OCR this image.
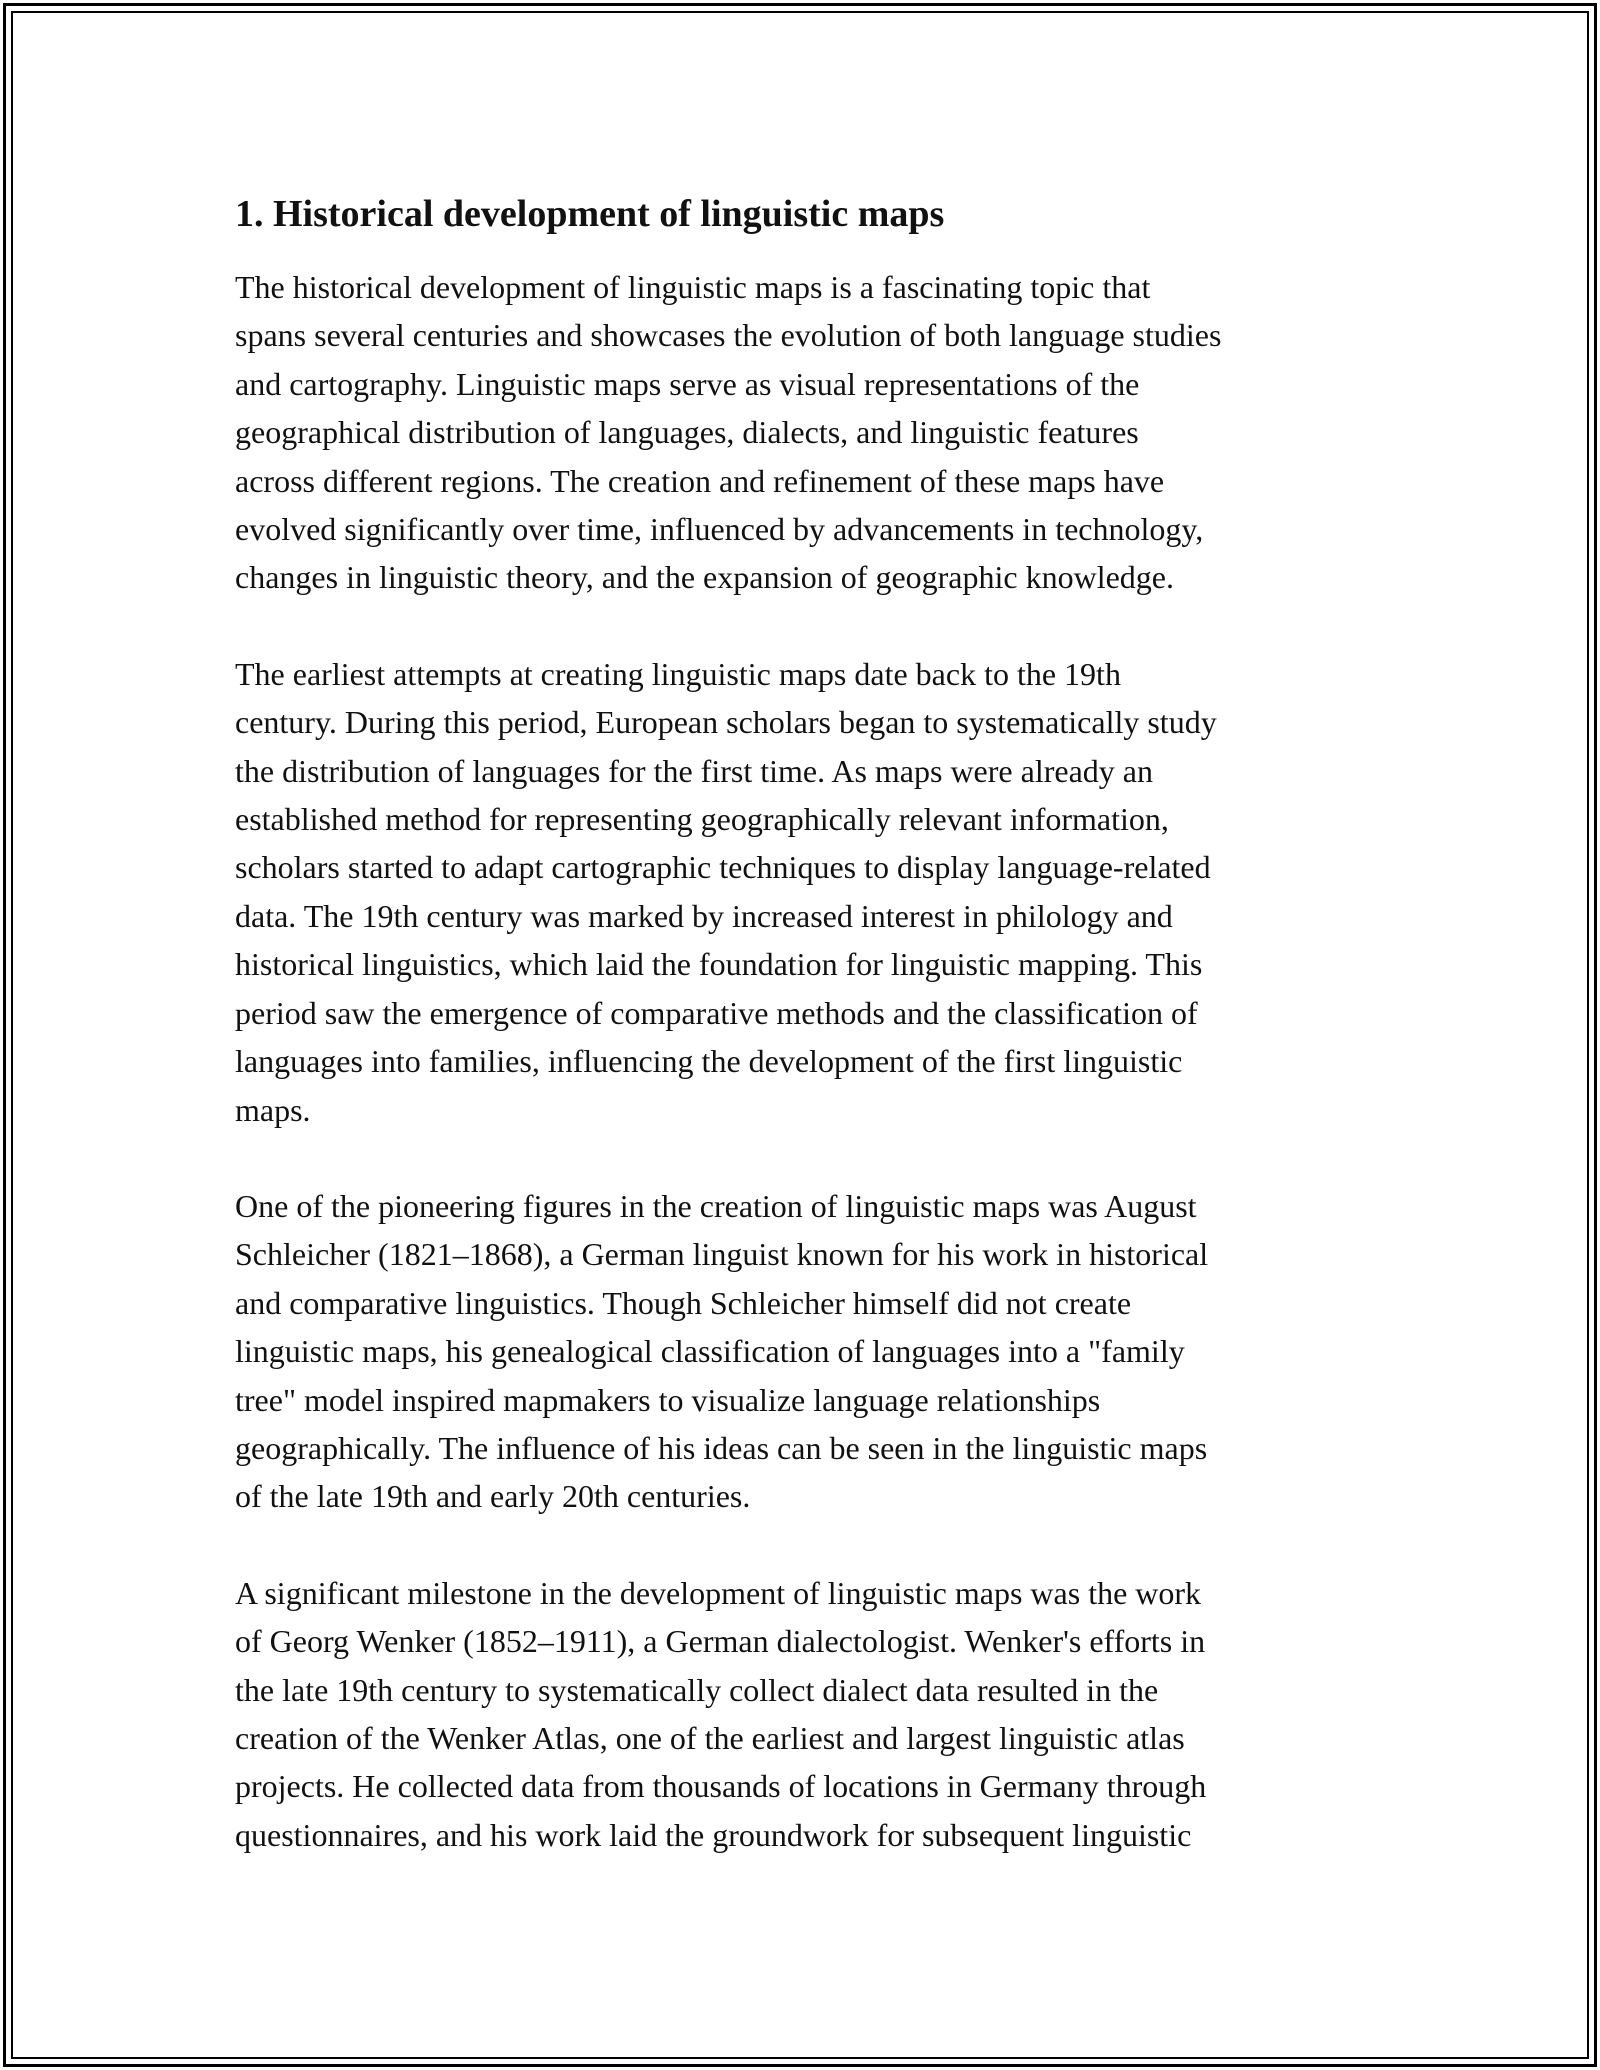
1. Historical development of linguistic maps

The historical development of linguistic maps is a fascinating topic that
spans several centuries and showcases the evolution of both language studies
and cartography. Linguistic maps serve as visual representations of the
geographical distribution of languages, dialects, and linguistic features
across different regions. The creation and refinement of these maps have
evolved significantly over time, influenced by advancements in technology,
changes in linguistic theory, and the expansion of geographic knowledge.

The earliest attempts at creating linguistic maps date back to the 19th
century. During this period, European scholars began to systematically study
the distribution of languages for the first time. As maps were already an
established method for representing geographically relevant information,
scholars started to adapt cartographic techniques to display language-related
data. The 19th century was marked by increased interest in philology and
historical linguistics, which laid the foundation for linguistic mapping. This
period saw the emergence of comparative methods and the classification of
languages into families, influencing the development of the first linguistic
maps.

One of the pioneering figures in the creation of linguistic maps was August
Schleicher (1821–1868), a German linguist known for his work in historical
and comparative linguistics. Though Schleicher himself did not create
linguistic maps, his genealogical classification of languages into a "family
tree" model inspired mapmakers to visualize language relationships
geographically. The influence of his ideas can be seen in the linguistic maps
of the late 19th and early 20th centuries.

A significant milestone in the development of linguistic maps was the work
of Georg Wenker (1852–1911), a German dialectologist. Wenker's efforts in
the late 19th century to systematically collect dialect data resulted in the
creation of the Wenker Atlas, one of the earliest and largest linguistic atlas
projects. He collected data from thousands of locations in Germany through
questionnaires, and his work laid the groundwork for subsequent linguistic
